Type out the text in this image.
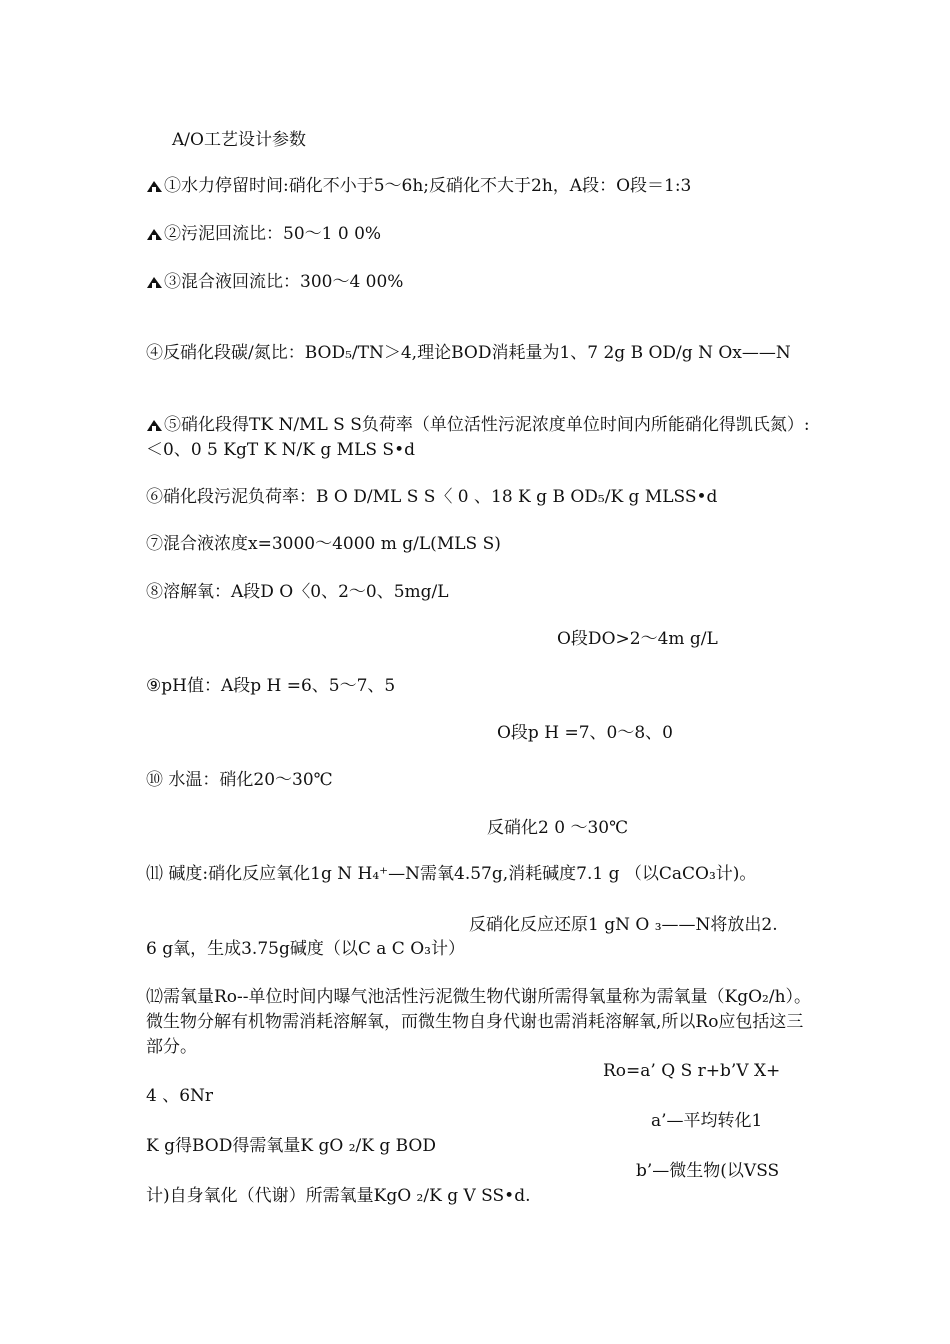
A/O工艺设计参数
①水力停留时间:硝化不小于5～6h;反硝化不大于2h，A段：O段＝1:3
②污泥回流比：50～1 0 0%
③混合液回流比：300～4 00%
④反硝化段碳/氮比：BOD₅/TN＞4,理论BOD消耗量为1、7 2g B OD/g N Ox——N
⑤硝化段得TK N/ML S S负荷率（单位活性污泥浓度单位时间内所能硝化得凯氏氮）:＜0、0 5 KgT K N/K g MLS S•d
⑥硝化段污泥负荷率：B O D/ML S S〈 0 、18 K g B OD₅/K g MLSS•d
⑦混合液浓度x=3000～4000 m g/L(MLS S)
⑧溶解氧：A段D O〈0、2～0、5mg/L
O段DO>2～4m g/L
⑨pH值：A段p H =6、5～7、5
O段p H =7、0～8、0
⑩ 水温：硝化20～30℃
反硝化2 0 ～30℃
⑾ 碱度:硝化反应氧化1g N H₄⁺—N需氧4.57g,消耗碱度7.1 g （以CaCO₃计)。
反硝化反应还原1 gN O ₃——N将放出2.
6 g氧，生成3.75g碱度（以C a C O₃计）
⑿需氧量Ro--单位时间内曝气池活性污泥微生物代谢所需得氧量称为需氧量（KgO₂/h）。微生物分解有机物需消耗溶解氧，而微生物自身代谢也需消耗溶解氧,所以Ro应包括这三部分。
Ro=a’ Q S r+b’V X+
4 、6Nr
a’—平均转化1
K g得BOD得需氧量K gO ₂/K g BOD
b’—微生物(以VSS
计)自身氧化（代谢）所需氧量KgO ₂/K g V SS•d.
